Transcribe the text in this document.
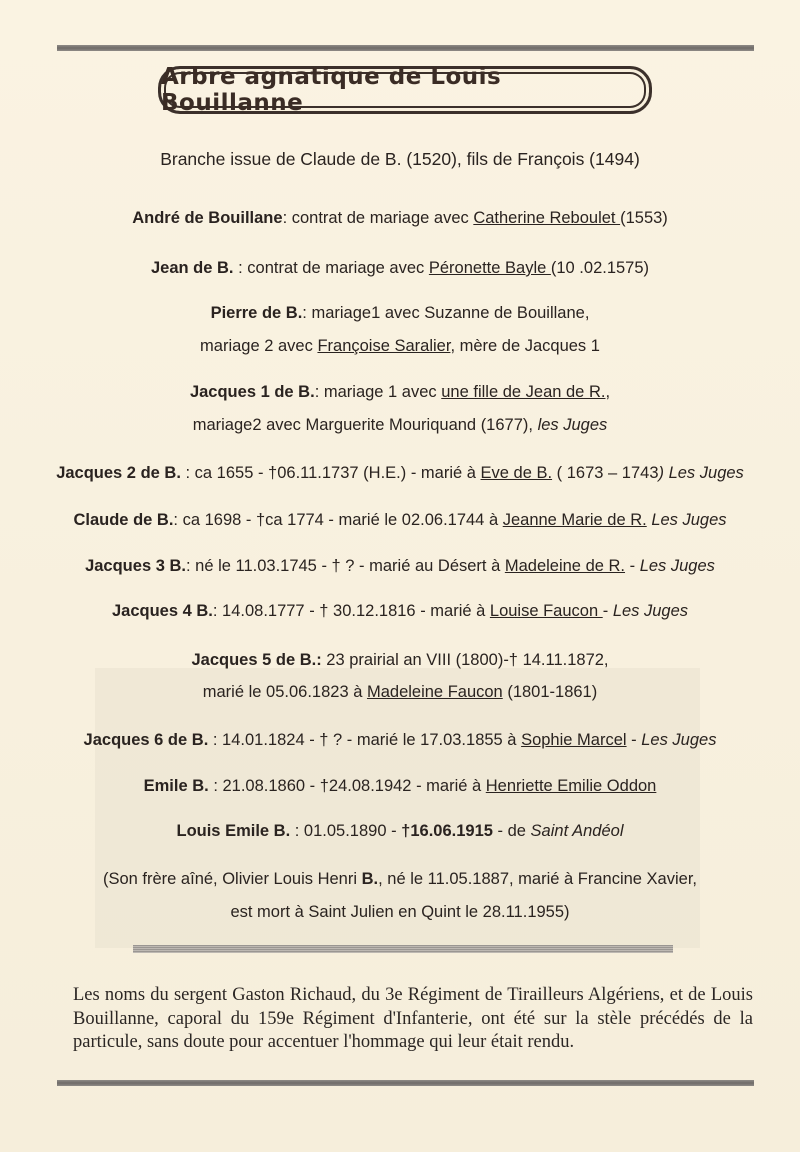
Arbre agnatique de Louis Bouillanne
Branche issue de Claude de B. (1520), fils de François (1494)
André de Bouillane: contrat de mariage avec Catherine Reboulet (1553)
Jean de B. : contrat de mariage avec Péronette Bayle (10 .02.1575)
Pierre de B.: mariage1 avec Suzanne de Bouillane,
mariage 2 avec Françoise Saralier, mère de Jacques 1
Jacques 1 de B.: mariage 1 avec une fille de Jean de R.,
mariage2 avec Marguerite Mouriquand (1677), les Juges
Jacques 2 de B. : ca 1655 - †06.11.1737 (H.E.) - marié à Eve de B. ( 1673 – 1743) Les Juges
Claude de B.: ca 1698 - †ca 1774 - marié le 02.06.1744 à Jeanne Marie de R. Les Juges
Jacques 3 B.: né le 11.03.1745 - † ? - marié au Désert à Madeleine de R. - Les Juges
Jacques 4 B.: 14.08.1777 - † 30.12.1816 - marié à Louise Faucon - Les Juges
Jacques 5 de B.: 23 prairial an VIII (1800)-† 14.11.1872,
marié le 05.06.1823 à Madeleine Faucon (1801-1861)
Jacques 6 de B. : 14.01.1824 - † ? - marié le 17.03.1855 à Sophie Marcel - Les Juges
Emile B. : 21.08.1860 - †24.08.1942 - marié à Henriette Emilie Oddon
Louis Emile B. : 01.05.1890 - †16.06.1915 - de Saint Andéol
(Son frère aîné, Olivier Louis Henri B., né le 11.05.1887, marié à Francine Xavier,
est mort à Saint Julien en Quint le 28.11.1955)
Les noms du sergent Gaston Richaud, du 3e Régiment de Tirailleurs Algériens, et de Louis Bouillanne, caporal du 159e Régiment d'Infanterie, ont été sur la stèle précédés de la particule, sans doute pour accentuer l'hommage qui leur était rendu.
